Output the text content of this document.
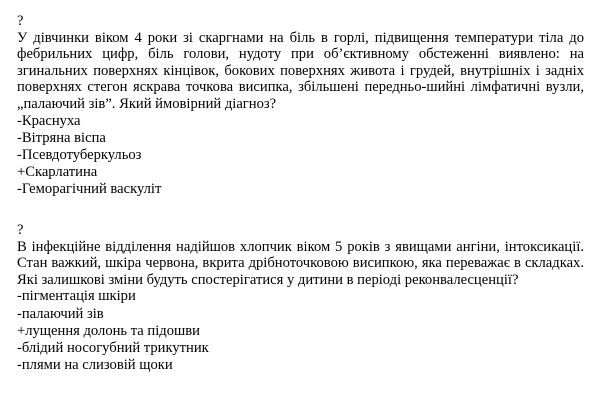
?
У дівчинки віком 4 роки зі скаргнами на біль в горлі, підвищення температури тіла до фебрильних цифр, біль голови, нудоту при об’єктивному обстеженні виявлено: на згинальних поверхнях кінцівок, бокових поверхнях живота і грудей, внутрішніх і задніх поверхнях стегон яскрава точкова висипка, збільшені передньо-шийні лімфатичні вузли, „палаючий зів”. Який ймовірний діагноз?
-Краснуха
-Вітряна віспа
-Псевдотуберкульоз
+Скарлатина
-Геморагічний васкуліт
?
В інфекційне відділення надійшов хлопчик віком 5 років з явищами ангіни, інтоксикації. Стан важкий, шкіра червона, вкрита дрібноточковою висипкою, яка переважає в складках. Які залишкові зміни будуть спостерігатися у дитини в періоді реконвалесценції?
-пігментація шкіри
-палаючий зів
+лущення долонь та підошви
-блідий носогубний трикутник
-плями на слизовій щоки
